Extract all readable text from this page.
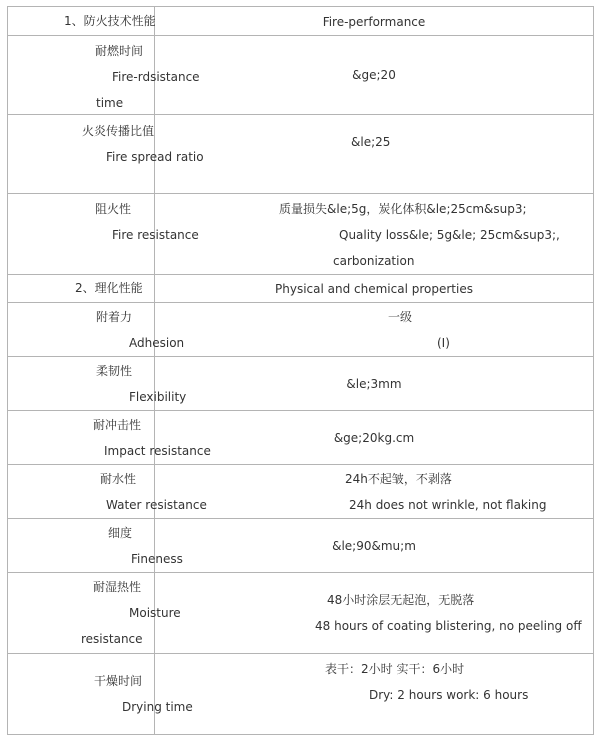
1、防火技术性能	Fire-performance

耐燃时间
Fire-rdsistance
time	&ge;20

火炎传播比值
Fire spread ratio	&le;25

阻火性
Fire resistance	质量损失&le;5g，炭化体积&le;25cm&sup3;
Quality loss&le; 5g&le; 25cm&sup3;,
carbonization

2、理化性能	Physical and chemical properties

附着力
Adhesion	一级
(I)

柔韧性
Flexibility	&le;3mm

耐冲击性
Impact resistance	&ge;20kg.cm

耐水性
Water resistance	24h不起皱，不剥落
24h does not wrinkle, not flaking

细度
Fineness	&le;90&mu;m

耐湿热性
Moisture
resistance	48小时涂层无起泡，无脱落
48 hours of coating blistering, no peeling off

干燥时间
Drying time	表干：2小时 实干：6小时
Dry: 2 hours work: 6 hours
